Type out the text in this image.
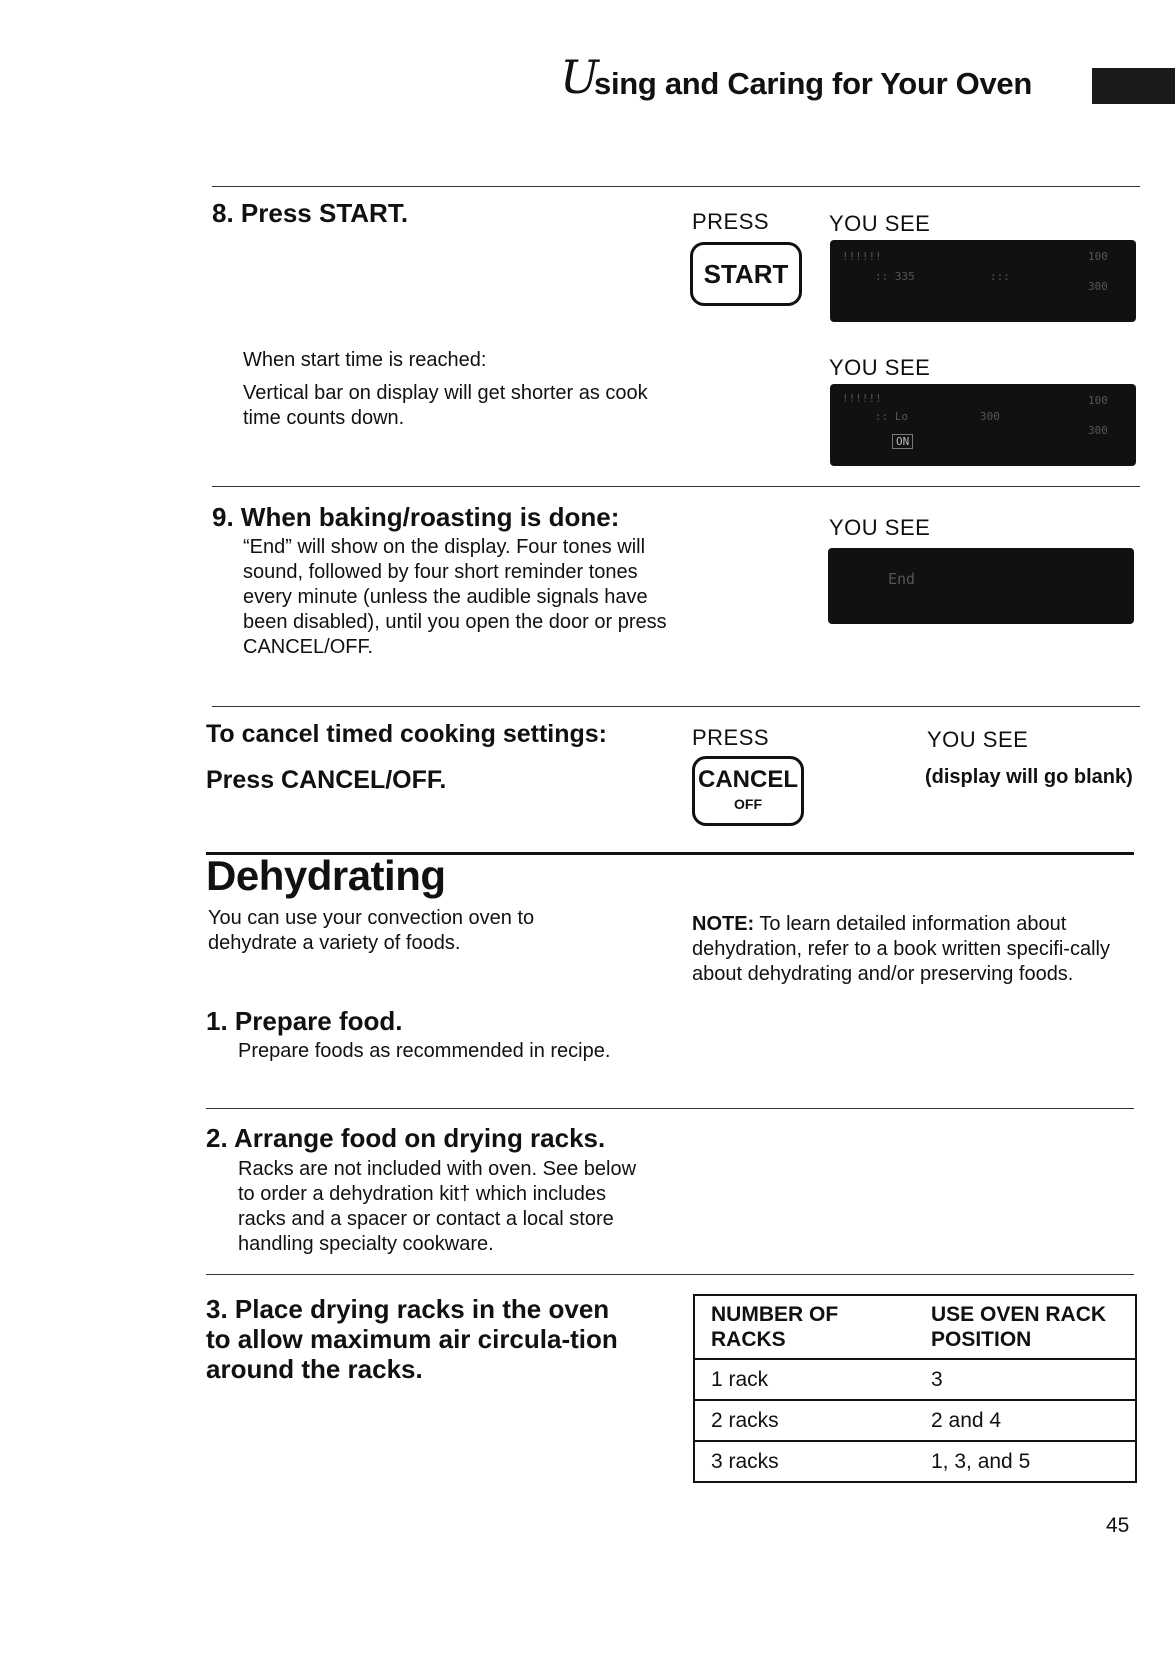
U
sing and Caring for Your Oven
8. Press START.	PRESS	YOU SEE
START
!!!!!!
:: 335	:::
100
300
When start time is reached:
Vertical bar on display will get shorter as cook time counts down.
YOU SEE
!!!!!!
:: Lo	300
100
300
ON
9. When baking/roasting is done:
“End” will show on the display. Four tones will sound, followed by four short reminder tones every minute (unless the audible signals have been disabled), until you open the door or press CANCEL/OFF.
YOU SEE
End
To cancel timed cooking settings:
Press CANCEL/OFF.
PRESS	YOU SEE
(display will go blank)
CANCEL
OFF
Dehydrating
You can use your convection oven to dehydrate a variety of foods.
NOTE: To learn detailed information about dehydration, refer to a book written specifi-cally about dehydrating and/or preserving foods.
1. Prepare food.
Prepare foods as recommended in recipe.
2. Arrange food on drying racks.
Racks are not included with oven. See below to order a dehydration kit† which includes racks and a spacer or contact a local store handling specialty cookware.
3. Place drying racks in the oven to allow maximum air circula-tion around the racks.
NUMBER OF RACKS	USE OVEN RACK POSITION
1 rack	3
2 racks	2 and 4
3 racks	1, 3, and 5
45
